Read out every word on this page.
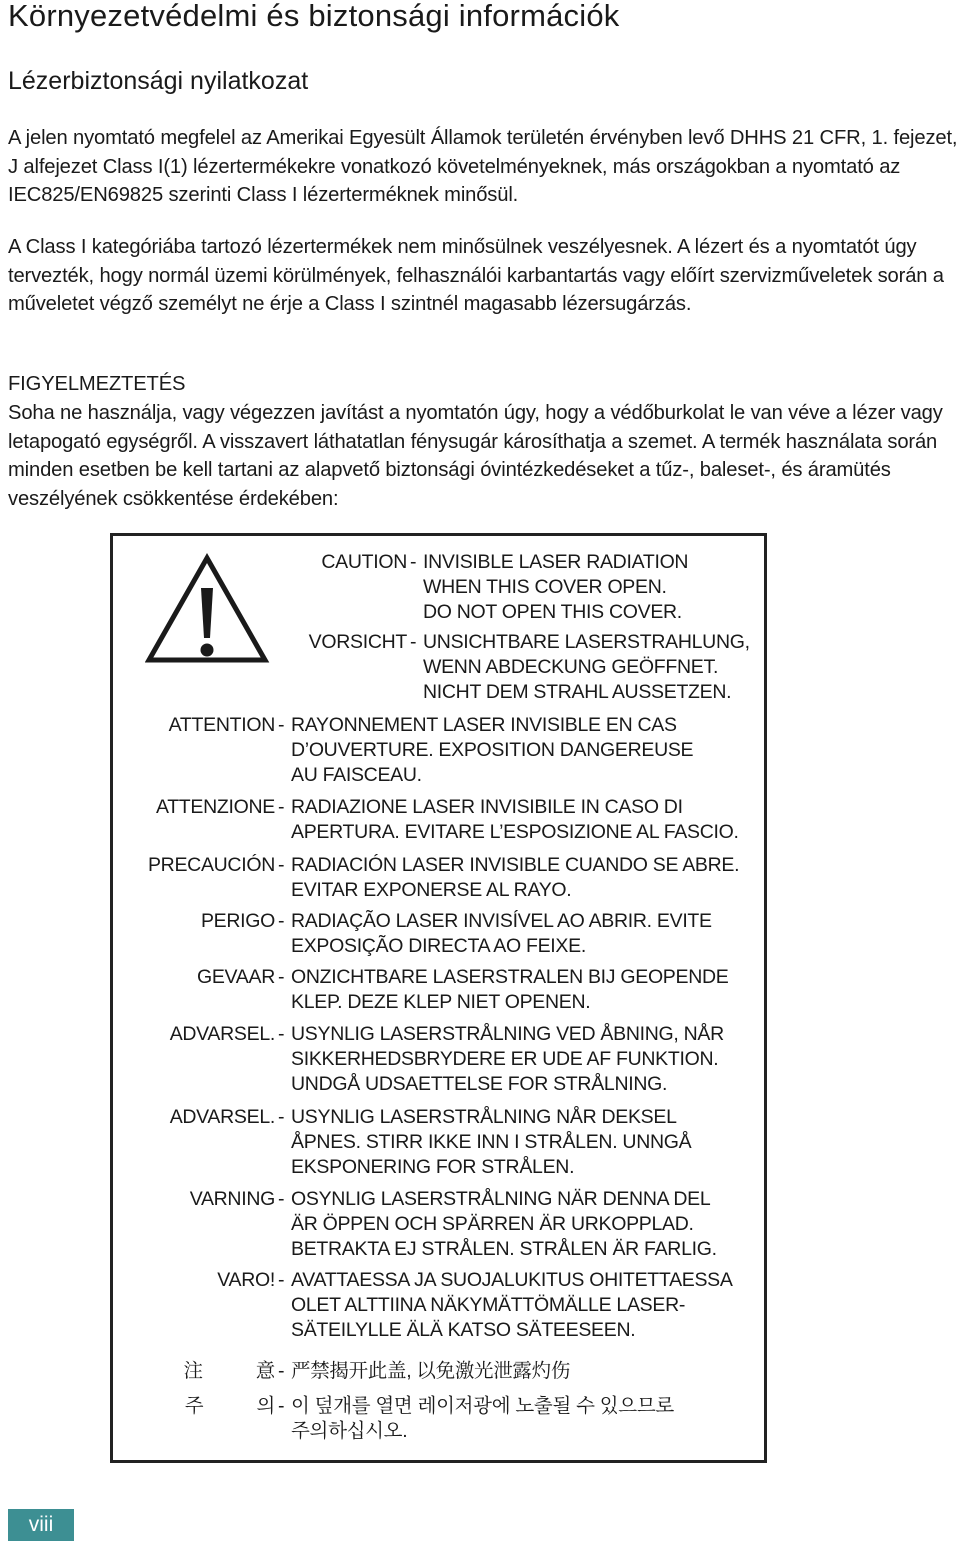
Környezetvédelmi és biztonsági információk
Lézerbiztonsági nyilatkozat

A jelen nyomtató megfelel az Amerikai Egyesült Államok területén érvényben levő DHHS 21 CFR, 1. fejezet, J alfejezet Class I(1) lézertermékekre vonatkozó követelményeknek, más országokban a nyomtató az IEC825/EN69825 szerinti Class I lézerterméknek minősül.

A Class I kategóriába tartozó lézertermékek nem minősülnek veszélyesnek. A lézert és a nyomtatót úgy tervezték, hogy normál üzemi körülmények, felhasználói karbantartás vagy előírt szervizműveletek során a műveletet végző személyt ne érje a Class I szintnél magasabb lézersugárzás.

FIGYELMEZTETÉS

Soha ne használja, vagy végezzen javítást a nyomtatón úgy, hogy a védőburkolat le van véve a lézer vagy letapogató egységről. A visszavert láthatatlan fénysugár károsíthatja a szemet. A termék használata során minden esetben be kell tartani az alapvető biztonsági óvintézkedéseket a tűz-, baleset-, és áramütés veszélyének csökkentése érdekében:

CAUTION - INVISIBLE LASER RADIATION
WHEN THIS COVER OPEN.
DO NOT OPEN THIS COVER.
VORSICHT - UNSICHTBARE LASERSTRAHLUNG,
WENN ABDECKUNG GEÖFFNET.
NICHT DEM STRAHL AUSSETZEN.
ATTENTION - RAYONNEMENT LASER INVISIBLE EN CAS
D’OUVERTURE. EXPOSITION DANGEREUSE
AU FAISCEAU.
ATTENZIONE - RADIAZIONE LASER INVISIBILE IN CASO DI
APERTURA. EVITARE L’ESPOSIZIONE AL FASCIO.
PRECAUCIÓN - RADIACIÓN LASER INVISIBLE CUANDO SE ABRE.
EVITAR EXPONERSE AL RAYO.
PERIGO - RADIAÇÃO LASER INVISÍVEL AO ABRIR. EVITE
EXPOSIÇÃO DIRECTA AO FEIXE.
GEVAAR - ONZICHTBARE LASERSTRALEN BIJ GEOPENDE
KLEP. DEZE KLEP NIET OPENEN.
ADVARSEL. - USYNLIG LASERSTRÅLNING VED ÅBNING, NÅR
SIKKERHEDSBRYDERE ER UDE AF FUNKTION.
UNDGÅ UDSAETTELSE FOR STRÅLNING.
ADVARSEL. - USYNLIG LASERSTRÅLNING NÅR DEKSEL
ÅPNES. STIRR IKKE INN I STRÅLEN. UNNGÅ
EKSPONERING FOR STRÅLEN.
VARNING - OSYNLIG LASERSTRÅLNING NÄR DENNA DEL
ÄR ÖPPEN OCH SPÄRREN ÄR URKOPPLAD.
BETRAKTA EJ STRÅLEN. STRÅLEN ÄR FARLIG.
VARO! - AVATTAESSA JA SUOJALUKITUS OHITETTAESSA
OLET ALTTIINA NÄKYMÄTTÖMÄLLE LASER-
SÄTEILYLLE ÄLÄ KATSO SÄTEESEEN.
注 意 - 严禁揭开此盖, 以免激光泄露灼伤
주 의 - 이 덮개를 열면 레이저광에 노출될 수 있으므로
주의하십시오.
viii
